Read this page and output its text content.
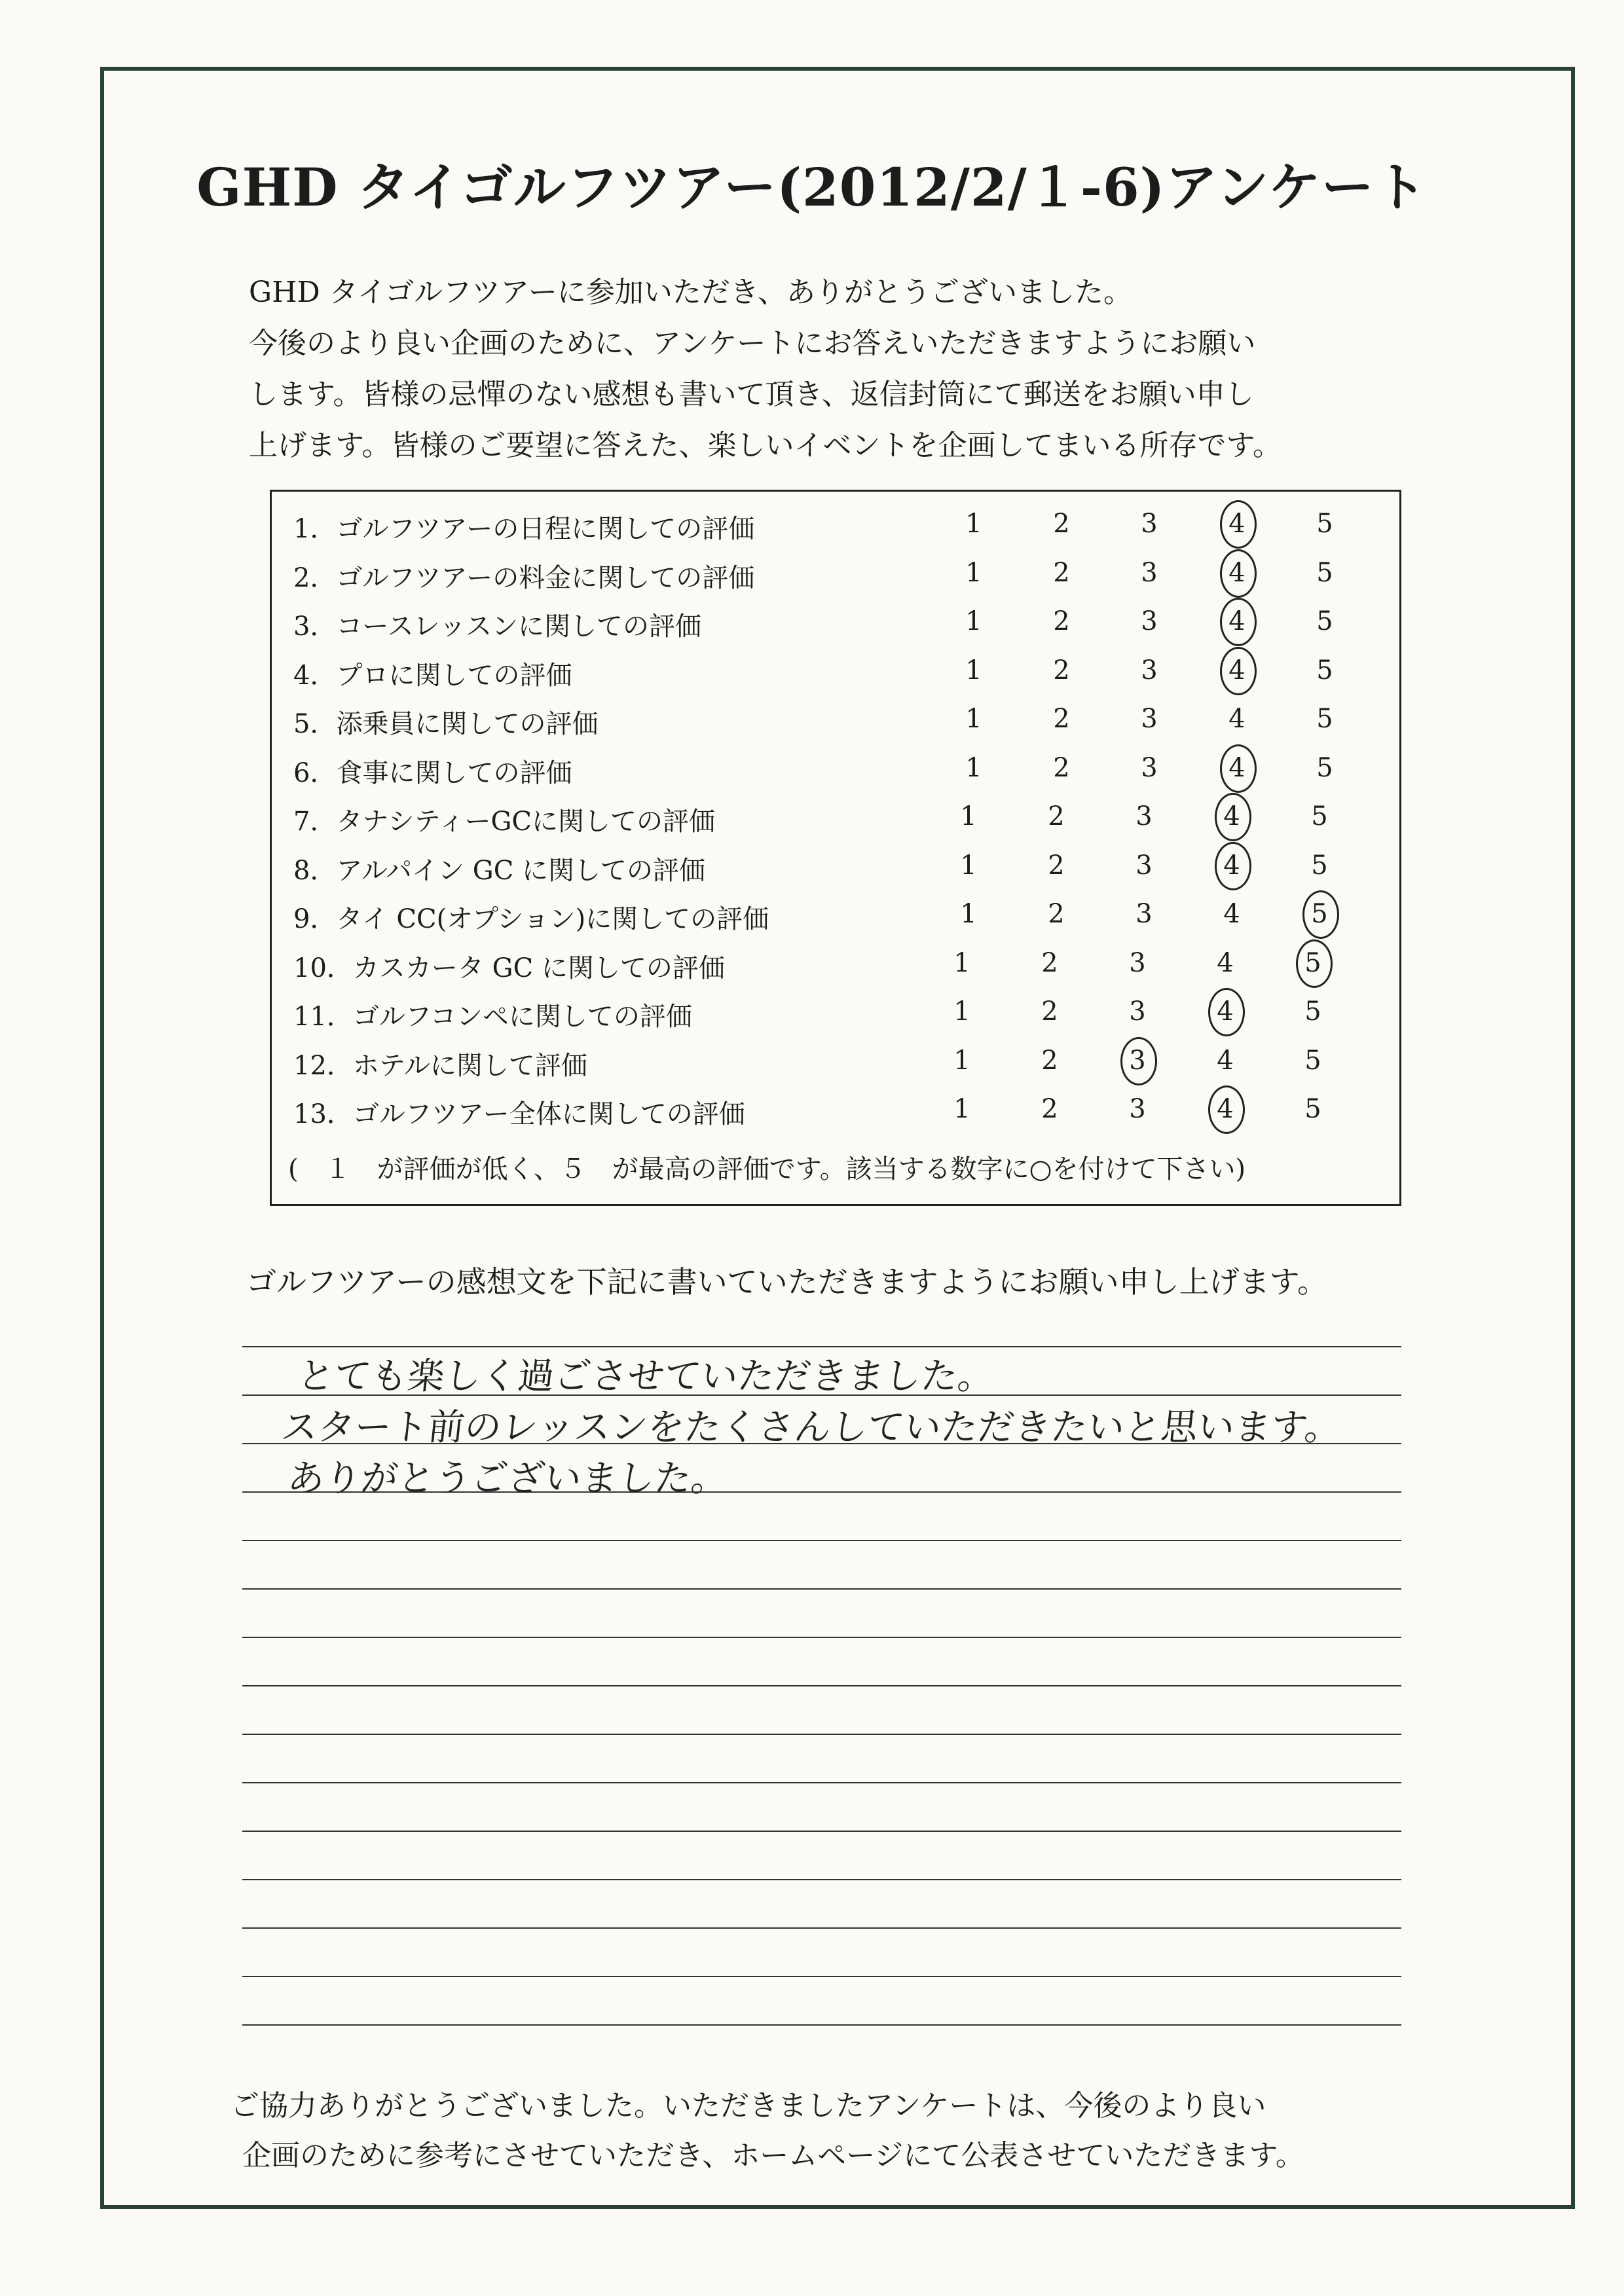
GHD タイゴルフツアー(2012/2/１-6)アンケート
GHD タイゴルフツアーに参加いただき、ありがとうございました。
今後のより良い企画のために、アンケートにお答えいただきますようにお願い
します。皆様の忌憚のない感想も書いて頂き、返信封筒にて郵送をお願い申し
上げます。皆様のご要望に答えた、楽しいイベントを企画してまいる所存です。
1．ゴルフツアーの日程に関しての評価	1	2	3	4	5
2．ゴルフツアーの料金に関しての評価	1	2	3	4	5
3．コースレッスンに関しての評価	1	2	3	4	5
4．プロに関しての評価	1	2	3	4	5
5．添乗員に関しての評価	1	2	3	4	5
6．食事に関しての評価	1	2	3	4	5
7．タナシティーGCに関しての評価	1	2	3	4	5
8．アルパイン GC に関しての評価	1	2	3	4	5
9．タイ CC(オプション)に関しての評価	1	2	3	4	5
10．カスカータ GC に関しての評価	1	2	3	4	5
11．ゴルフコンペに関しての評価	1	2	3	4	5
12．ホテルに関して評価	1	2	3	4	5
13．ゴルフツアー全体に関しての評価	1	2	3	4	5
(　１　が評価が低く、５　が最高の評価です。該当する数字に○を付けて下さい)
ゴルフツアーの感想文を下記に書いていただきますようにお願い申し上げます。
とても楽しく過ごさせていただきました。
スタート前のレッスンをたくさんしていただきたいと思います。
ありがとうございました。
ご協力ありがとうございました。いただきましたアンケートは、今後のより良い
企画のために参考にさせていただき、ホームページにて公表させていただきます。
